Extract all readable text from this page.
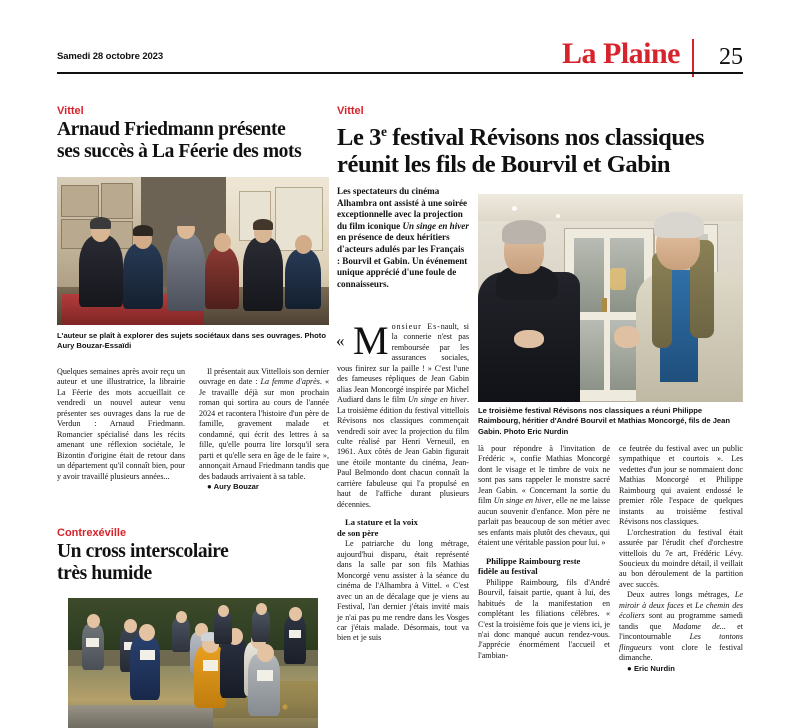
Samedi 28 octobre 2023	La Plaine 25
Vittel
Arnaud Friedmann présente
ses succès à La Féerie des mots
L'auteur se plaît à explorer des sujets sociétaux dans ses ouvrages. Photo Aury Bouzar-Essaïdi

Quelques semaines après avoir reçu un auteur et une illustratrice, la librairie La Féerie des mots accueillait ce vendredi un nouvel auteur venu présenter ses ouvrages dans la rue de Verdun : Arnaud Friedmann. Romancier spécialisé dans les récits amenant une réflexion sociétale, le Bizontin d'origine était de retour dans un département qu'il connaît bien, pour y avoir travaillé plusieurs années...

Il présentait aux Vittellois son dernier ouvrage en date : La femme d'après. « Je travaille déjà sur mon prochain roman qui sortira au cours de l'année 2024 et racontera l'histoire d'un père de famille, gravement malade et condamné, qui écrit des lettres à sa fille, qu'elle pourra lire lorsqu'il sera parti et qu'elle sera en âge de le faire », annonçait Arnaud Friedmann tandis que des badauds arrivaient à sa table.

● Aury Bouzar

Contrexéville
Un cross interscolaire
très humide
Vittel
Le 3e festival Révisons nos classiques
réunit les fils de Bourvil et Gabin
Les spectateurs du cinéma Alhambra ont assisté à une soirée exceptionnelle avec la projection du film iconique Un singe en hiver en présence de deux héritiers d'acteurs adulés par les Français : Bourvil et Gabin. Un événement unique apprécié d'une foule de connaisseurs.
Le troisième festival Révisons nos classiques a réuni Philippe Raimbourg, héritier d'André Bourvil et Mathias Moncorgé, fils de Jean Gabin. Photo Eric Nurdin
« M onsieur Es-nault, si la connerie n'est pas remboursée par les assurances sociales, vous finirez sur la paille ! » C'est l'une des fameuses répliques de Jean Gabin alias Jean Moncorgé inspirée par Michel Audiard dans le film Un singe en hiver. La troisième édition du festival vittellois Révisons nos classiques commençait vendredi soir avec la projection du film culte réalisé par Henri Verneuil, en 1961. Aux côtés de Jean Gabin figurait une étoile montante du cinéma, Jean-Paul Belmondo dont chacun connaît la carrière fabuleuse qui l'a propulsé en haut de l'affiche durant plusieurs décennies.

La stature et la voix
de son père

Le patriarche du long métrage, aujourd'hui disparu, était représenté dans la salle par son fils Mathias Moncorgé venu assister à la séance du cinéma de l'Alhambra à Vittel. « C'est avec un an de décalage que je viens au Festival, l'an dernier j'étais invité mais je n'ai pas pu me rendre dans les Vosges car j'étais malade. Désormais, tout va bien et je suis

là pour répondre à l'invitation de Frédéric », confie Mathias Moncorgé dont le visage et le timbre de voix ne sont pas sans rappeler le monstre sacré Jean Gabin. « Concernant la sortie du film Un singe en hiver, elle ne me laisse aucun souvenir d'enfance. Mon père ne parlait pas beaucoup de son métier avec ses enfants mais plutôt des chevaux, qui étaient une véritable passion pour lui. »

Philippe Raimbourg reste
fidèle au festival

Philippe Raimbourg, fils d'André Bourvil, faisait partie, quant à lui, des habitués de la manifestation en complétant les filiations célèbres. « C'est la troisième fois que je viens ici, je n'ai donc manqué aucun rendez-vous. J'apprécie énormément l'accueil et l'ambian-

ce feutrée du festival avec un public sympathique et courtois ». Les vedettes d'un jour se nommaient donc Mathias Moncorgé et Philippe Raimbourg qui avaient endossé le premier rôle l'espace de quelques instants au troisième festival Révisons nos classiques.

L'orchestration du festival était assurée par l'érudit chef d'orchestre vittellois du 7e art, Frédéric Lévy. Soucieux du moindre détail, il veillait au bon déroulement de la partition avec succès.

Deux autres longs métrages, Le miroir à deux faces et Le chemin des écoliers sont au programme samedi tandis que Madame de... et l'incontournable Les tontons flingueurs vont clore le festival dimanche.

● Eric Nurdin
